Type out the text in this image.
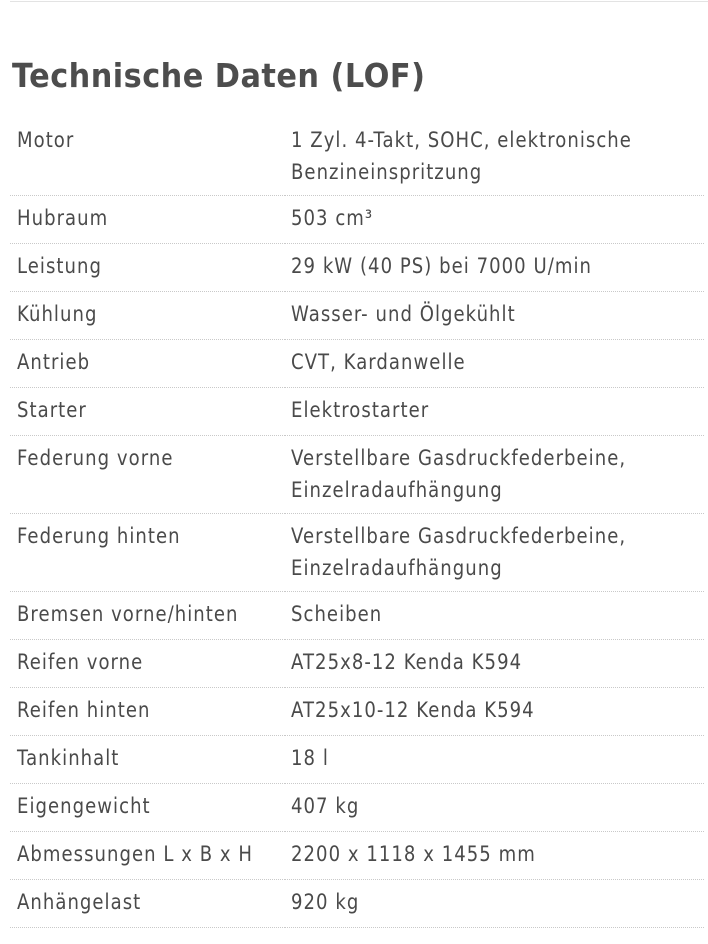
Technische Daten (LOF)
Motor	1 Zyl. 4-Takt, SOHC, elektronische
Benzineinspritzung
Hubraum	503 cm³
Leistung	29 kW (40 PS) bei 7000 U/min
Kühlung	Wasser- und Ölgekühlt
Antrieb	CVT, Kardanwelle
Starter	Elektrostarter
Federung vorne	Verstellbare Gasdruckfederbeine,
Einzelradaufhängung
Federung hinten	Verstellbare Gasdruckfederbeine,
Einzelradaufhängung
Bremsen vorne/hinten	Scheiben
Reifen vorne	AT25x8-12 Kenda K594
Reifen hinten	AT25x10-12 Kenda K594
Tankinhalt	18 l
Eigengewicht	407 kg
Abmessungen L x B x H	2200 x 1118 x 1455 mm
Anhängelast	920 kg
